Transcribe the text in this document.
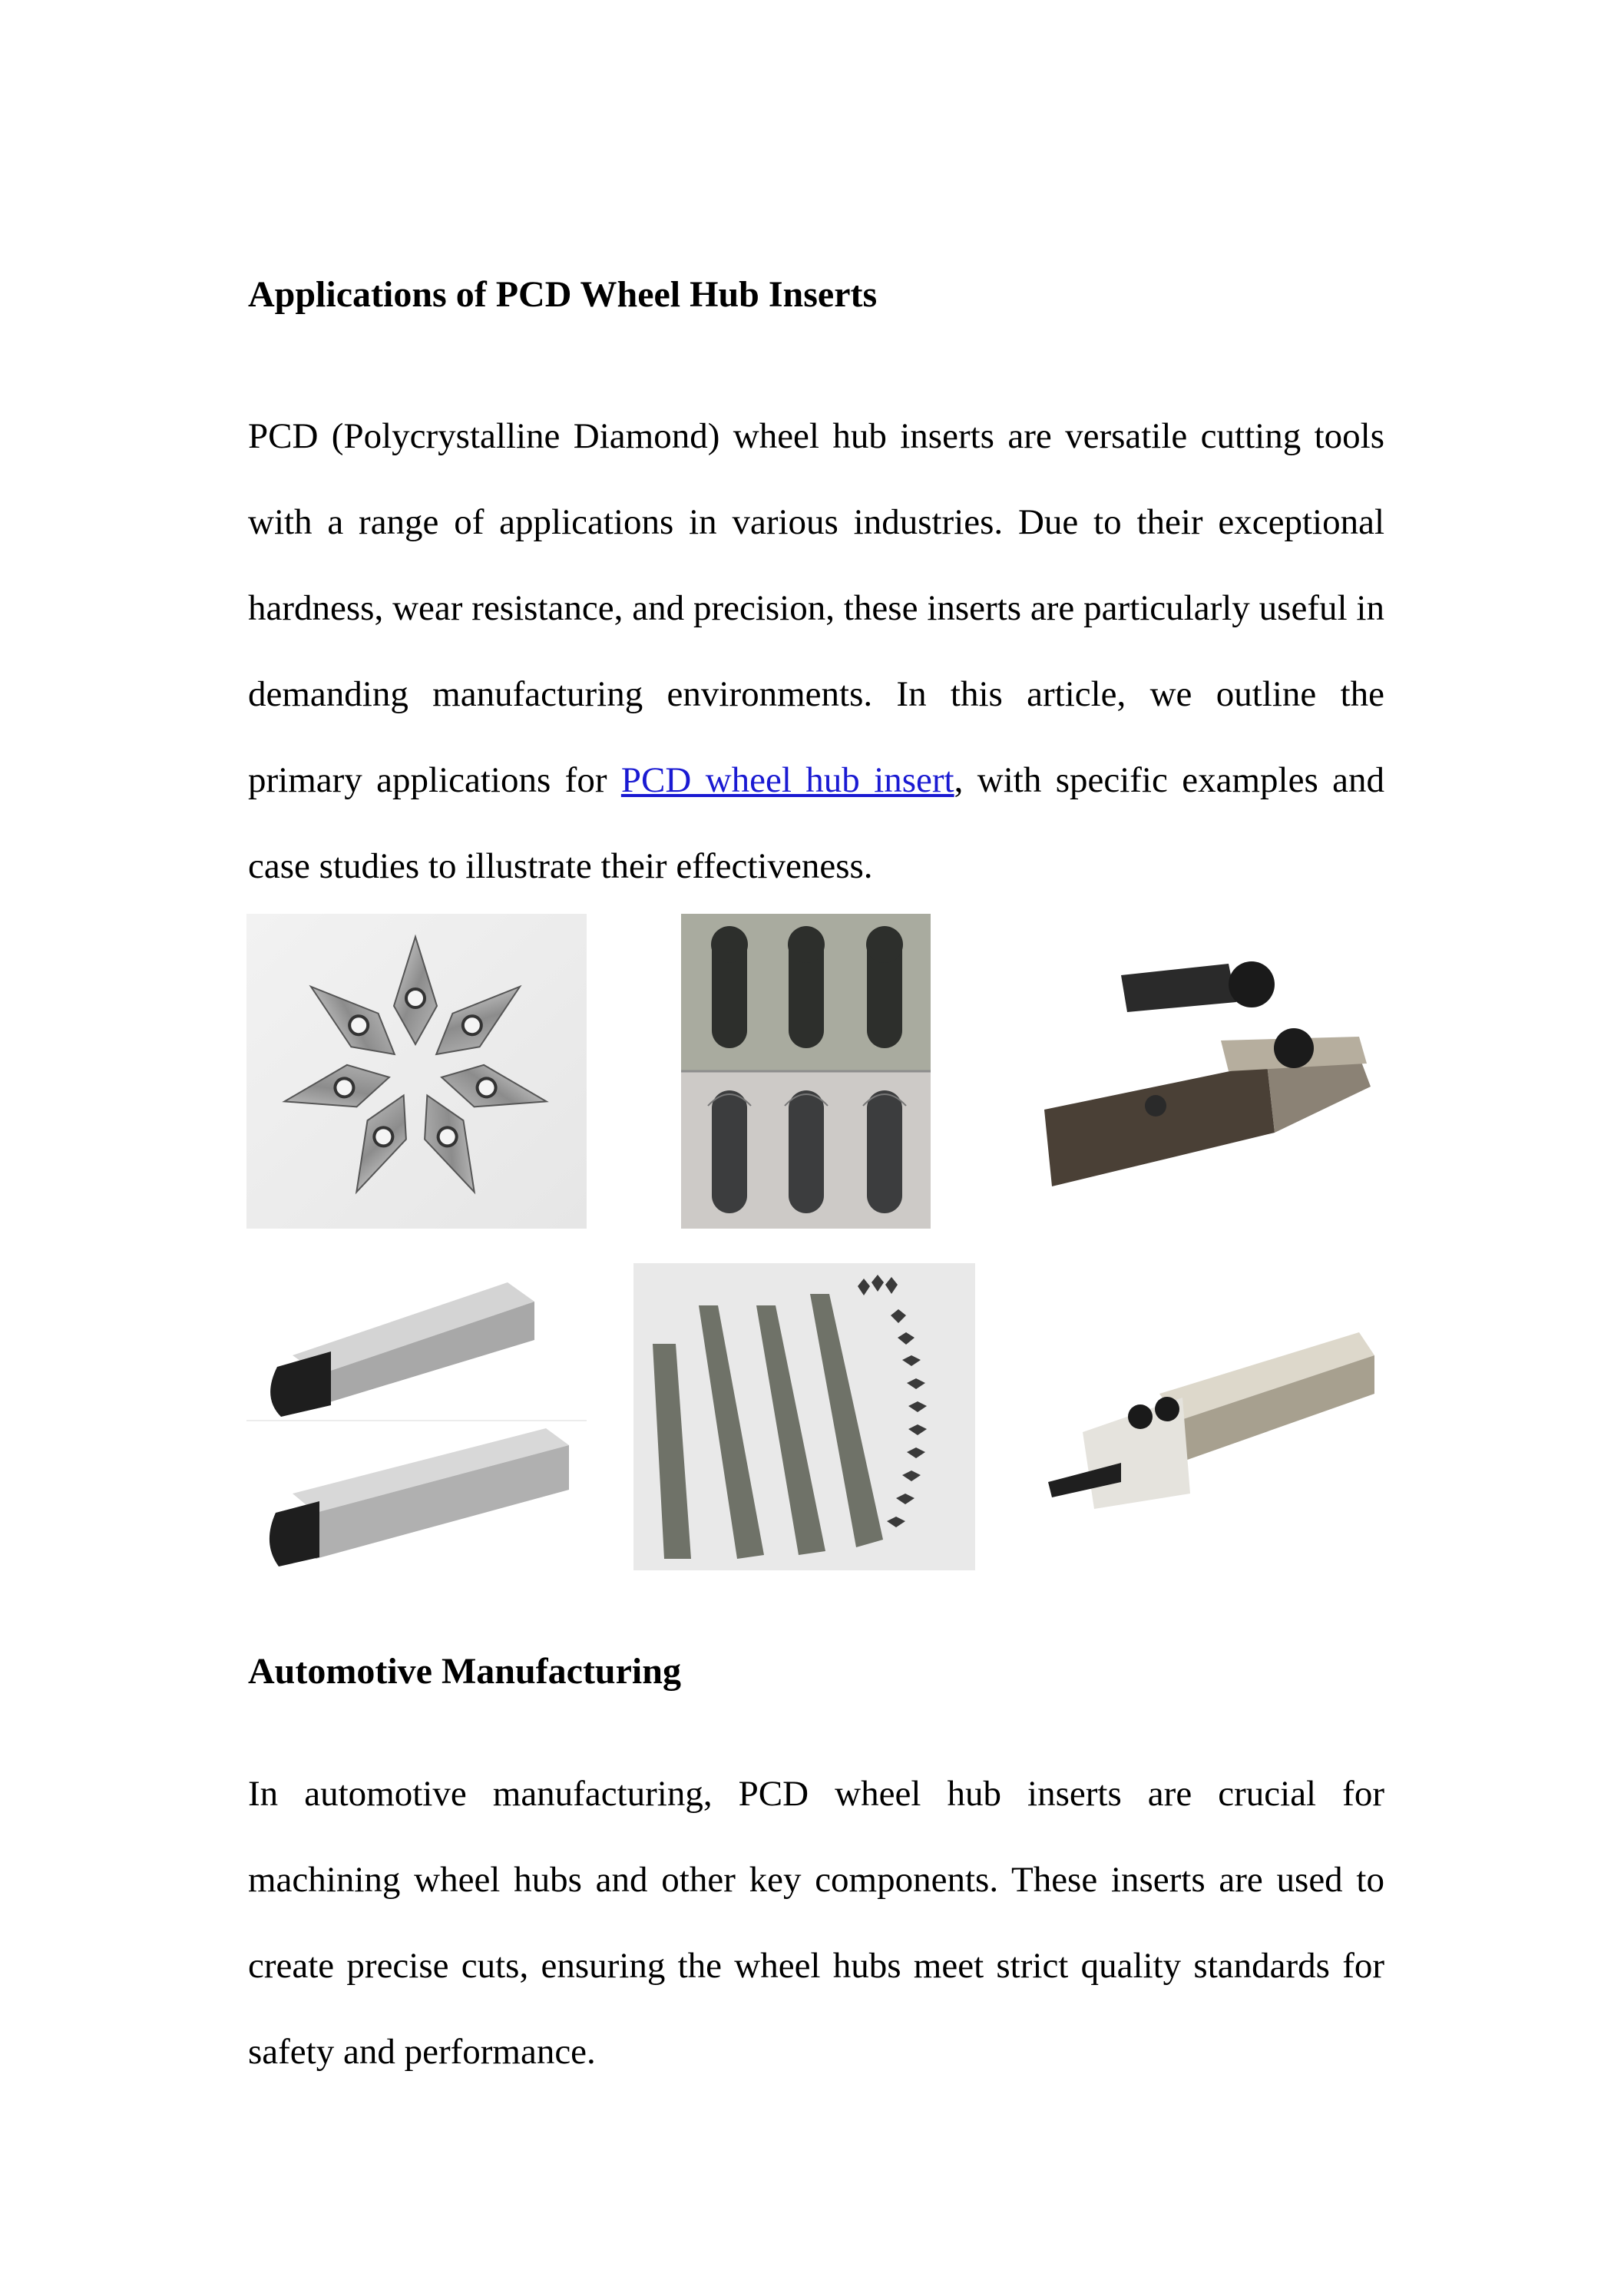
Applications of PCD Wheel Hub Inserts

PCD (Polycrystalline Diamond) wheel hub inserts are versatile cutting tools with a range of applications in various industries. Due to their exceptional hardness, wear resistance, and precision, these inserts are particularly useful in demanding manufacturing environments. In this article, we outline the primary applications for PCD wheel hub insert, with specific examples and case studies to illustrate their effectiveness.

Automotive Manufacturing

In automotive manufacturing, PCD wheel hub inserts are crucial for machining wheel hubs and other key components. These inserts are used to create precise cuts, ensuring the wheel hubs meet strict quality standards for safety and performance.
